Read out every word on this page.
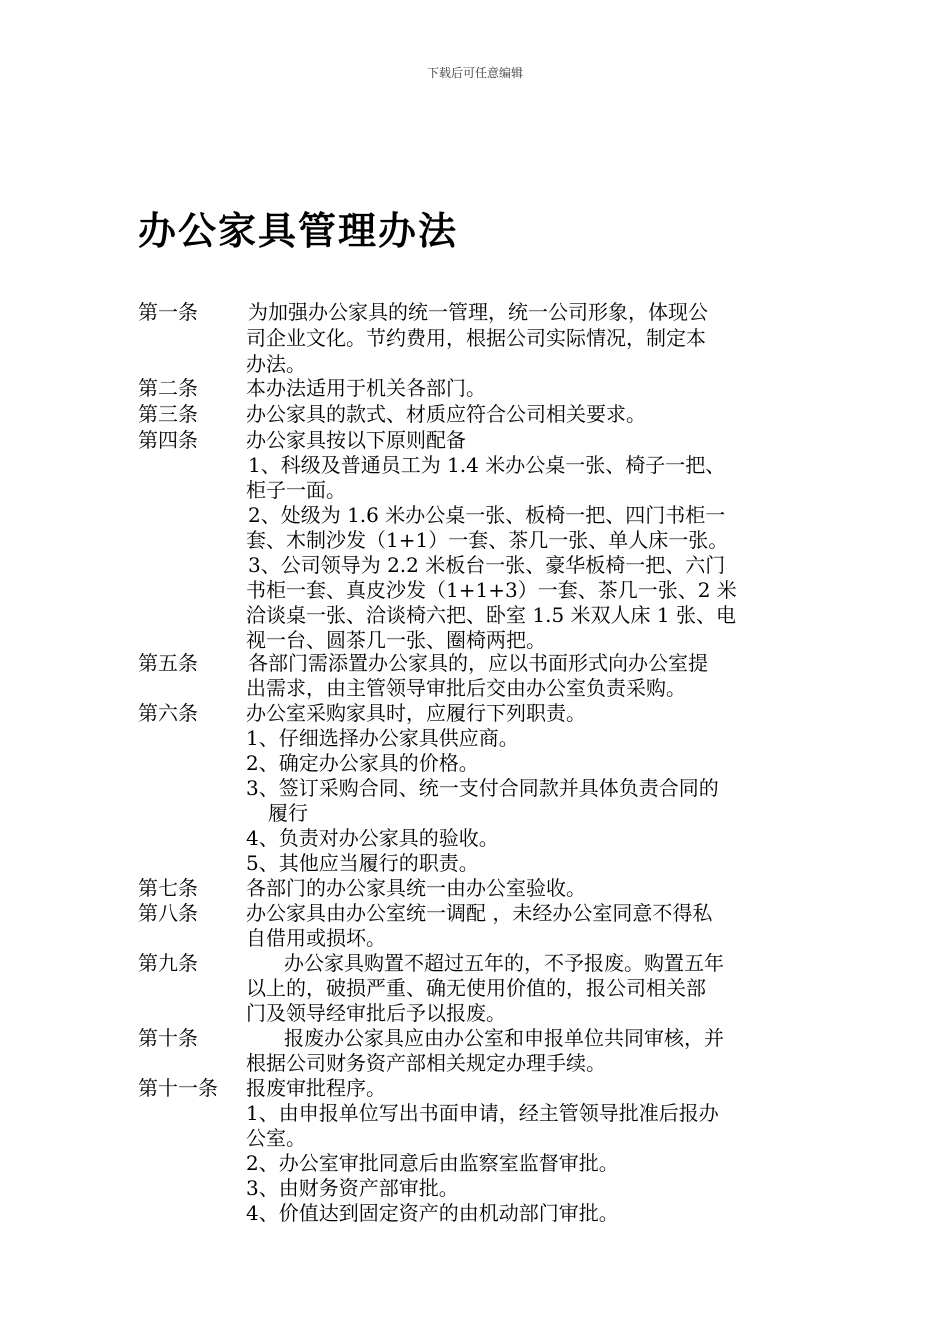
下载后可任意编辑
办公家具管理办法
第一条	为加强办公家具的统一管理，统一公司形象，体现公
司企业文化。节约费用，根据公司实际情况，制定本
办法。
第二条 本办法适用于机关各部门。
第三条 办公家具的款式、材质应符合公司相关要求。
第四条 办公家具按以下原则配备
1、科级及普通员工为 1.4 米办公桌一张、椅子一把、
柜子一面。
2、处级为 1.6 米办公桌一张、板椅一把、四门书柜一
套、木制沙发（1+1）一套、茶几一张、单人床一张。
3、公司领导为 2.2 米板台一张、豪华板椅一把、六门
书柜一套、真皮沙发（1+1+3）一套、茶几一张、2 米
洽谈桌一张、洽谈椅六把、卧室 1.5 米双人床 1 张、电
视一台、圆茶几一张、圈椅两把。
第五条	各部门需添置办公家具的，应以书面形式向办公室提
出需求，由主管领导审批后交由办公室负责采购。
第六条 办公室采购家具时，应履行下列职责。
1、仔细选择办公家具供应商。
2、确定办公家具的价格。
3、签订采购合同、统一支付合同款并具体负责合同的
履行
4、负责对办公家具的验收。
5、其他应当履行的职责。
第七条 各部门的办公家具统一由办公室验收。
第八条 办公家具由办公室统一调配 ，未经办公室同意不得私
自借用或损坏。
第九条	办公家具购置不超过五年的，不予报废。购置五年
以上的，破损严重、确无使用价值的，报公司相关部
门及领导经审批后予以报废。
第十条	报废办公家具应由办公室和申报单位共同审核，并
根据公司财务资产部相关规定办理手续。
第十一条 报废审批程序。
1、由申报单位写出书面申请，经主管领导批准后报办
公室。
2、办公室审批同意后由监察室监督审批。
3、由财务资产部审批。
4、价值达到固定资产的由机动部门审批。
